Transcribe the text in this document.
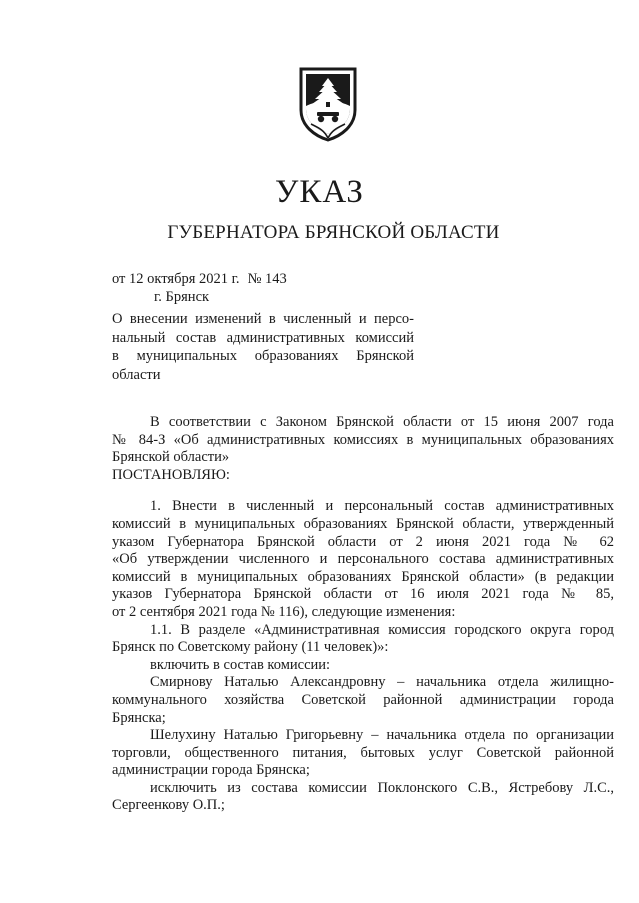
УКАЗ
ГУБЕРНАТОРА БРЯНСКОЙ ОБЛАСТИ
от 12 октября 2021 г. № 143
г. Брянск
О внесении изменений в численный и персо-
нальный состав административных комиссий
в муниципальных образованиях Брянской
области
В соответствии с Законом Брянской области от 15 июня 2007 года
№ 84-З «Об административных комиссиях в муниципальных образованиях
Брянской области»
ПОСТАНОВЛЯЮ:
1. Внести в численный и персональный состав административных
комиссий в муниципальных образованиях Брянской области, утвержденный
указом Губернатора Брянской области от 2 июня 2021 года № 62
«Об утверждении численного и персонального состава административных
комиссий в муниципальных образованиях Брянской области» (в редакции
указов Губернатора Брянской области от 16 июля 2021 года № 85,
от 2 сентября 2021 года № 116), следующие изменения:
1.1. В разделе «Административная комиссия городского округа город
Брянск по Советскому району (11 человек)»:
включить в состав комиссии:
Смирнову Наталью Александровну – начальника отдела жилищно-
коммунального хозяйства Советской районной администрации города
Брянска;
Шелухину Наталью Григорьевну – начальника отдела по организации
торговли, общественного питания, бытовых услуг Советской районной
администрации города Брянска;
исключить из состава комиссии Поклонского С.В., Ястребову Л.С.,
Сергеенкову О.П.;
